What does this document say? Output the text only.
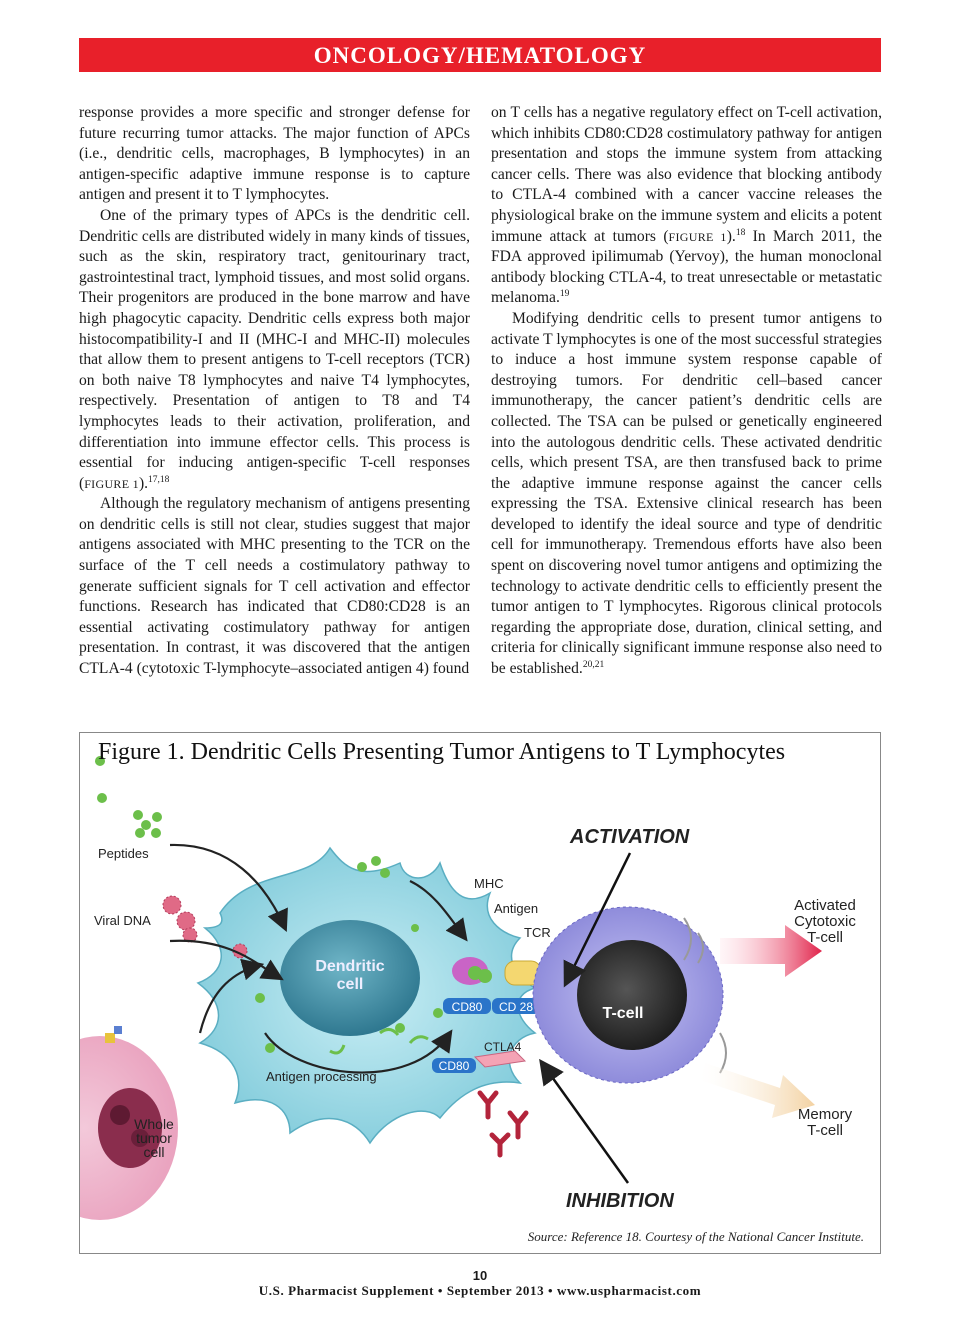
ONCOLOGY/HEMATOLOGY

response provides a more specific and stronger defense for future recurring tumor attacks. The major function of APCs (i.e., dendritic cells, macrophages, B lymphocytes) in an antigen-specific adaptive immune response is to capture antigen and present it to T lymphocytes.

One of the primary types of APCs is the dendritic cell. Dendritic cells are distributed widely in many kinds of tissues, such as the skin, respiratory tract, genitourinary tract, gastrointestinal tract, lymphoid tissues, and most solid organs. Their progenitors are produced in the bone marrow and have high phagocytic capacity. Dendritic cells express both major histocompatibility-I and II (MHC-I and MHC-II) molecules that allow them to present antigens to T-cell receptors (TCR) on both naive T8 lymphocytes and naive T4 lymphocytes, respectively. Presentation of antigen to T8 and T4 lymphocytes leads to their activation, proliferation, and differentiation into immune effector cells. This process is essential for inducing antigen-specific T-cell responses (FIGURE 1).$^{17,18}$

Although the regulatory mechanism of antigens presenting on dendritic cells is still not clear, studies suggest that major antigens associated with MHC presenting to the TCR on the surface of the T cell needs a costimulatory pathway to generate sufficient signals for T cell activation and effector functions. Research has indicated that CD80:CD28 is an essential activating costimulatory pathway for antigen presentation. In contrast, it was discovered that the antigen CTLA-4 (cytotoxic T-lymphocyte–associated antigen 4) found

on T cells has a negative regulatory effect on T-cell activation, which inhibits CD80:CD28 costimulatory pathway for antigen presentation and stops the immune system from attacking cancer cells. There was also evidence that blocking antibody to CTLA-4 combined with a cancer vaccine releases the physiological brake on the immune system and elicits a potent immune attack at tumors (FIGURE 1).$^{18}$ In March 2011, the FDA approved ipilimumab (Yervoy), the human monoclonal antibody blocking CTLA-4, to treat unresectable or metastatic melanoma.$^{19}$

Modifying dendritic cells to present tumor antigens to activate T lymphocytes is one of the most successful strategies to induce a host immune system response capable of destroying tumors. For dendritic cell–based cancer immunotherapy, the cancer patient’s dendritic cells are collected. The TSA can be pulsed or genetically engineered into the autologous dendritic cells. These activated dendritic cells, which present TSA, are then transfused back to prime the adaptive immune response against the cancer cells expressing the TSA. Extensive clinical research has been developed to identify the ideal source and type of dendritic cell for immunotherapy. Tremendous efforts have also been spent on discovering novel tumor antigens and optimizing the technology to activate dendritic cells to efficiently present the tumor antigen to T lymphocytes. Rigorous clinical protocols regarding the appropriate dose, duration, clinical setting, and criteria for clinically significant immune response also need to be established.$^{20,21}$

Peptides
Viral DNA
Dendritic
cell
Antigen processing
Whole
tumor
cell
MHC
Antigen
TCR
CD80 CD 28
CTLA4
CD80
T-cell
ACTIVATION
INHIBITION
Activated
Cytotoxic
T-cell
Memory
T-cell
Figure 1. Dendritic Cells Presenting Tumor Antigens to T Lymphocytes
Source: Reference 18. Courtesy of the National Cancer Institute.
10
U.S. Pharmacist Supplement • September 2013 • www.uspharmacist.com
